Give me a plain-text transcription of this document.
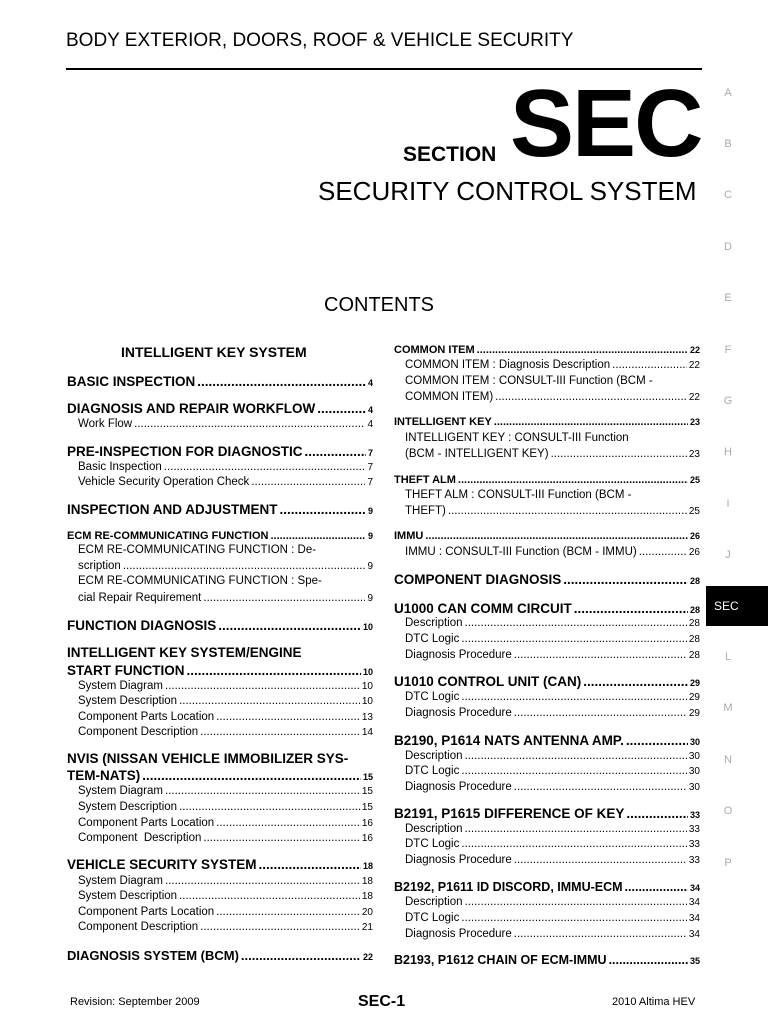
BODY EXTERIOR, DOORS, ROOF & VEHICLE SECURITY
SECTION SEC
SECURITY CONTROL SYSTEM
CONTENTS
INTELLIGENT KEY SYSTEM
BASIC INSPECTION .....	4
DIAGNOSIS AND REPAIR WORKFLOW .....	4
Work Flow .....	4
PRE-INSPECTION FOR DIAGNOSTIC .....	7
Basic Inspection .....	7
Vehicle Security Operation Check .....	7
INSPECTION AND ADJUSTMENT .....	9
ECM RE-COMMUNICATING FUNCTION .....	9
ECM RE-COMMUNICATING FUNCTION : De-
scription .....	9
ECM RE-COMMUNICATING FUNCTION : Spe-
cial Repair Requirement .....	9
FUNCTION DIAGNOSIS .....	10
INTELLIGENT KEY SYSTEM/ENGINE
START FUNCTION .....	10
System Diagram .....	10
System Description .....	10
Component Parts Location .....	13
Component Description .....	14
NVIS (NISSAN VEHICLE IMMOBILIZER SYS-
TEM-NATS) .....	15
System Diagram .....	15
System Description .....	15
Component Parts Location .....	16
Component  Description .....	16
VEHICLE SECURITY SYSTEM .....	18
System Diagram .....	18
System Description .....	18
Component Parts Location .....	20
Component Description .....	21
DIAGNOSIS SYSTEM (BCM) .....	22
COMMON ITEM .....	22
COMMON ITEM : Diagnosis Description .....	22
COMMON ITEM : CONSULT-III Function (BCM -
COMMON ITEM) .....	22
INTELLIGENT KEY .....	23
INTELLIGENT KEY : CONSULT-III Function
(BCM - INTELLIGENT KEY) .....	23
THEFT ALM .....	25
THEFT ALM : CONSULT-III Function (BCM -
THEFT) .....	25
IMMU .....	26
IMMU : CONSULT-III Function (BCM - IMMU) .....	26
COMPONENT DIAGNOSIS .....	28
U1000 CAN COMM CIRCUIT .....	28
Description .....	28
DTC Logic .....	28
Diagnosis Procedure .....	28
U1010 CONTROL UNIT (CAN) .....	29
DTC Logic .....	29
Diagnosis Procedure .....	29
B2190, P1614 NATS ANTENNA AMP. .....	30
Description .....	30
DTC Logic .....	30
Diagnosis Procedure .....	30
B2191, P1615 DIFFERENCE OF KEY .....	33
Description .....	33
DTC Logic .....	33
Diagnosis Procedure .....	33
B2192, P1611 ID DISCORD, IMMU-ECM .....	34
Description .....	34
DTC Logic .....	34
Diagnosis Procedure .....	34
B2193, P1612 CHAIN OF ECM-IMMU .....	35
A
B
C
D
E
F
G
H
I
J
SEC
L
M
N
O
P
Revision: September 2009	SEC-1	2010 Altima HEV
